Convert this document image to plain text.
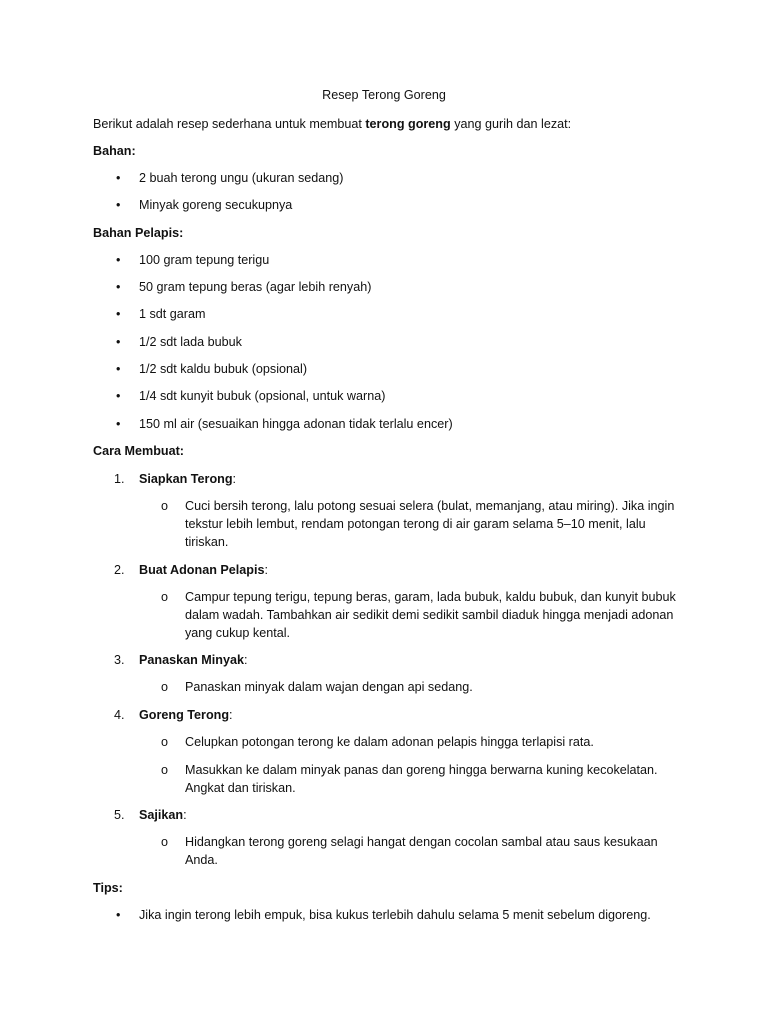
Resep Terong Goreng
Berikut adalah resep sederhana untuk membuat terong goreng yang gurih dan lezat:
Bahan:
•	2 buah terong ungu (ukuran sedang)
•	Minyak goreng secukupnya
Bahan Pelapis:
•	100 gram tepung terigu
•	50 gram tepung beras (agar lebih renyah)
•	1 sdt garam
•	1/2 sdt lada bubuk
•	1/2 sdt kaldu bubuk (opsional)
•	1/4 sdt kunyit bubuk (opsional, untuk warna)
•	150 ml air (sesuaikan hingga adonan tidak terlalu encer)
Cara Membuat:
1.	Siapkan Terong:
o	Cuci bersih terong, lalu potong sesuai selera (bulat, memanjang, atau miring). Jika ingin tekstur lebih lembut, rendam potongan terong di air garam selama 5–10 menit, lalu tiriskan.
2.	Buat Adonan Pelapis:
o	Campur tepung terigu, tepung beras, garam, lada bubuk, kaldu bubuk, dan kunyit bubuk dalam wadah. Tambahkan air sedikit demi sedikit sambil diaduk hingga menjadi adonan yang cukup kental.
3.	Panaskan Minyak:
o	Panaskan minyak dalam wajan dengan api sedang.
4.	Goreng Terong:
o	Celupkan potongan terong ke dalam adonan pelapis hingga terlapisi rata.
o	Masukkan ke dalam minyak panas dan goreng hingga berwarna kuning kecokelatan. Angkat dan tiriskan.
5.	Sajikan:
o	Hidangkan terong goreng selagi hangat dengan cocolan sambal atau saus kesukaan Anda.
Tips:
•	Jika ingin terong lebih empuk, bisa kukus terlebih dahulu selama 5 menit sebelum digoreng.
